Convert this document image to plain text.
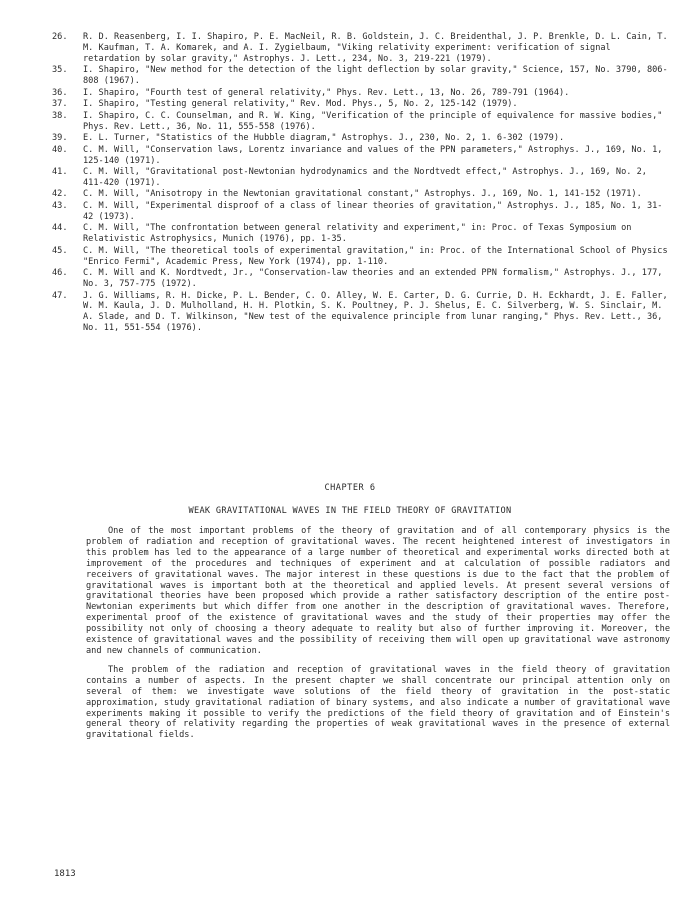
26.	R. D. Reasenberg, I. I. Shapiro, P. E. MacNeil, R. B. Goldstein, J. C. Breidenthal, J. P. Brenkle, D. L. Cain, T. M. Kaufman, T. A. Komarek, and A. I. Zygielbaum, "Viking relativity experiment: verification of signal retardation by solar gravity," Astrophys. J. Lett., 234, No. 3, 219-221 (1979).
35.	I. Shapiro, "New method for the detection of the light deflection by solar gravity," Science, 157, No. 3790, 806-808 (1967).
36.	I. Shapiro, "Fourth test of general relativity," Phys. Rev. Lett., 13, No. 26, 789-791 (1964).
37.	I. Shapiro, "Testing general relativity," Rev. Mod. Phys., 5, No. 2, 125-142 (1979).
38.	I. Shapiro, C. C. Counselman, and R. W. King, "Verification of the principle of equivalence for massive bodies," Phys. Rev. Lett., 36, No. 11, 555-558 (1976).
39.	E. L. Turner, "Statistics of the Hubble diagram," Astrophys. J., 230, No. 2, 1. 6-302 (1979).
40.	C. M. Will, "Conservation laws, Lorentz invariance and values of the PPN parameters," Astrophys. J., 169, No. 1, 125-140 (1971).
41.	C. M. Will, "Gravitational post-Newtonian hydrodynamics and the Nordtvedt effect," Astrophys. J., 169, No. 2, 411-420 (1971).
42.	C. M. Will, "Anisotropy in the Newtonian gravitational constant," Astrophys. J., 169, No. 1, 141-152 (1971).
43.	C. M. Will, "Experimental disproof of a class of linear theories of gravitation," Astrophys. J., 185, No. 1, 31-42 (1973).
44.	C. M. Will, "The confrontation between general relativity and experiment," in: Proc. of Texas Symposium on Relativistic Astrophysics, Munich (1976), pp. 1-35.
45.	C. M. Will, "The theoretical tools of experimental gravitation," in: Proc. of the International School of Physics "Enrico Fermi", Academic Press, New York (1974), pp. 1-110.
46.	C. M. Will and K. Nordtvedt, Jr., "Conservation-law theories and an extended PPN formalism," Astrophys. J., 177, No. 3, 757-775 (1972).
47.	J. G. Williams, R. H. Dicke, P. L. Bender, C. O. Alley, W. E. Carter, D. G. Currie, D. H. Eckhardt, J. E. Faller, W. M. Kaula, J. D. Mulholland, H. H. Plotkin, S. K. Poultney, P. J. Shelus, E. C. Silverberg, W. S. Sinclair, M. A. Slade, and D. T. Wilkinson, "New test of the equivalence principle from lunar ranging," Phys. Rev. Lett., 36, No. 11, 551-554 (1976).
CHAPTER 6
WEAK GRAVITATIONAL WAVES IN THE FIELD THEORY OF GRAVITATION

One of the most important problems of the theory of gravitation and of all contemporary physics is the problem of radiation and reception of gravitational waves. The recent heightened interest of investigators in this problem has led to the appearance of a large number of theoretical and experimental works directed both at improvement of the procedures and techniques of experiment and at calculation of possible radiators and receivers of gravitational waves. The major interest in these questions is due to the fact that the problem of gravitational waves is important both at the theoretical and applied levels. At present several versions of gravitational theories have been proposed which provide a rather satisfactory description of the entire post-Newtonian experiments but which differ from one another in the description of gravitational waves. Therefore, experimental proof of the existence of gravitational waves and the study of their properties may offer the possibility not only of choosing a theory adequate to reality but also of further improving it. Moreover, the existence of gravitational waves and the possibility of receiving them will open up gravitational wave astronomy and new channels of communication.

The problem of the radiation and reception of gravitational waves in the field theory of gravitation contains a number of aspects. In the present chapter we shall concentrate our principal attention only on several of them: we investigate wave solutions of the field theory of gravitation in the post-static approximation, study gravitational radiation of binary systems, and also indicate a number of gravitational wave experiments making it possible to verify the predictions of the field theory of gravitation and of Einstein's general theory of relativity regarding the properties of weak gravitational waves in the presence of external gravitational fields.

1813
